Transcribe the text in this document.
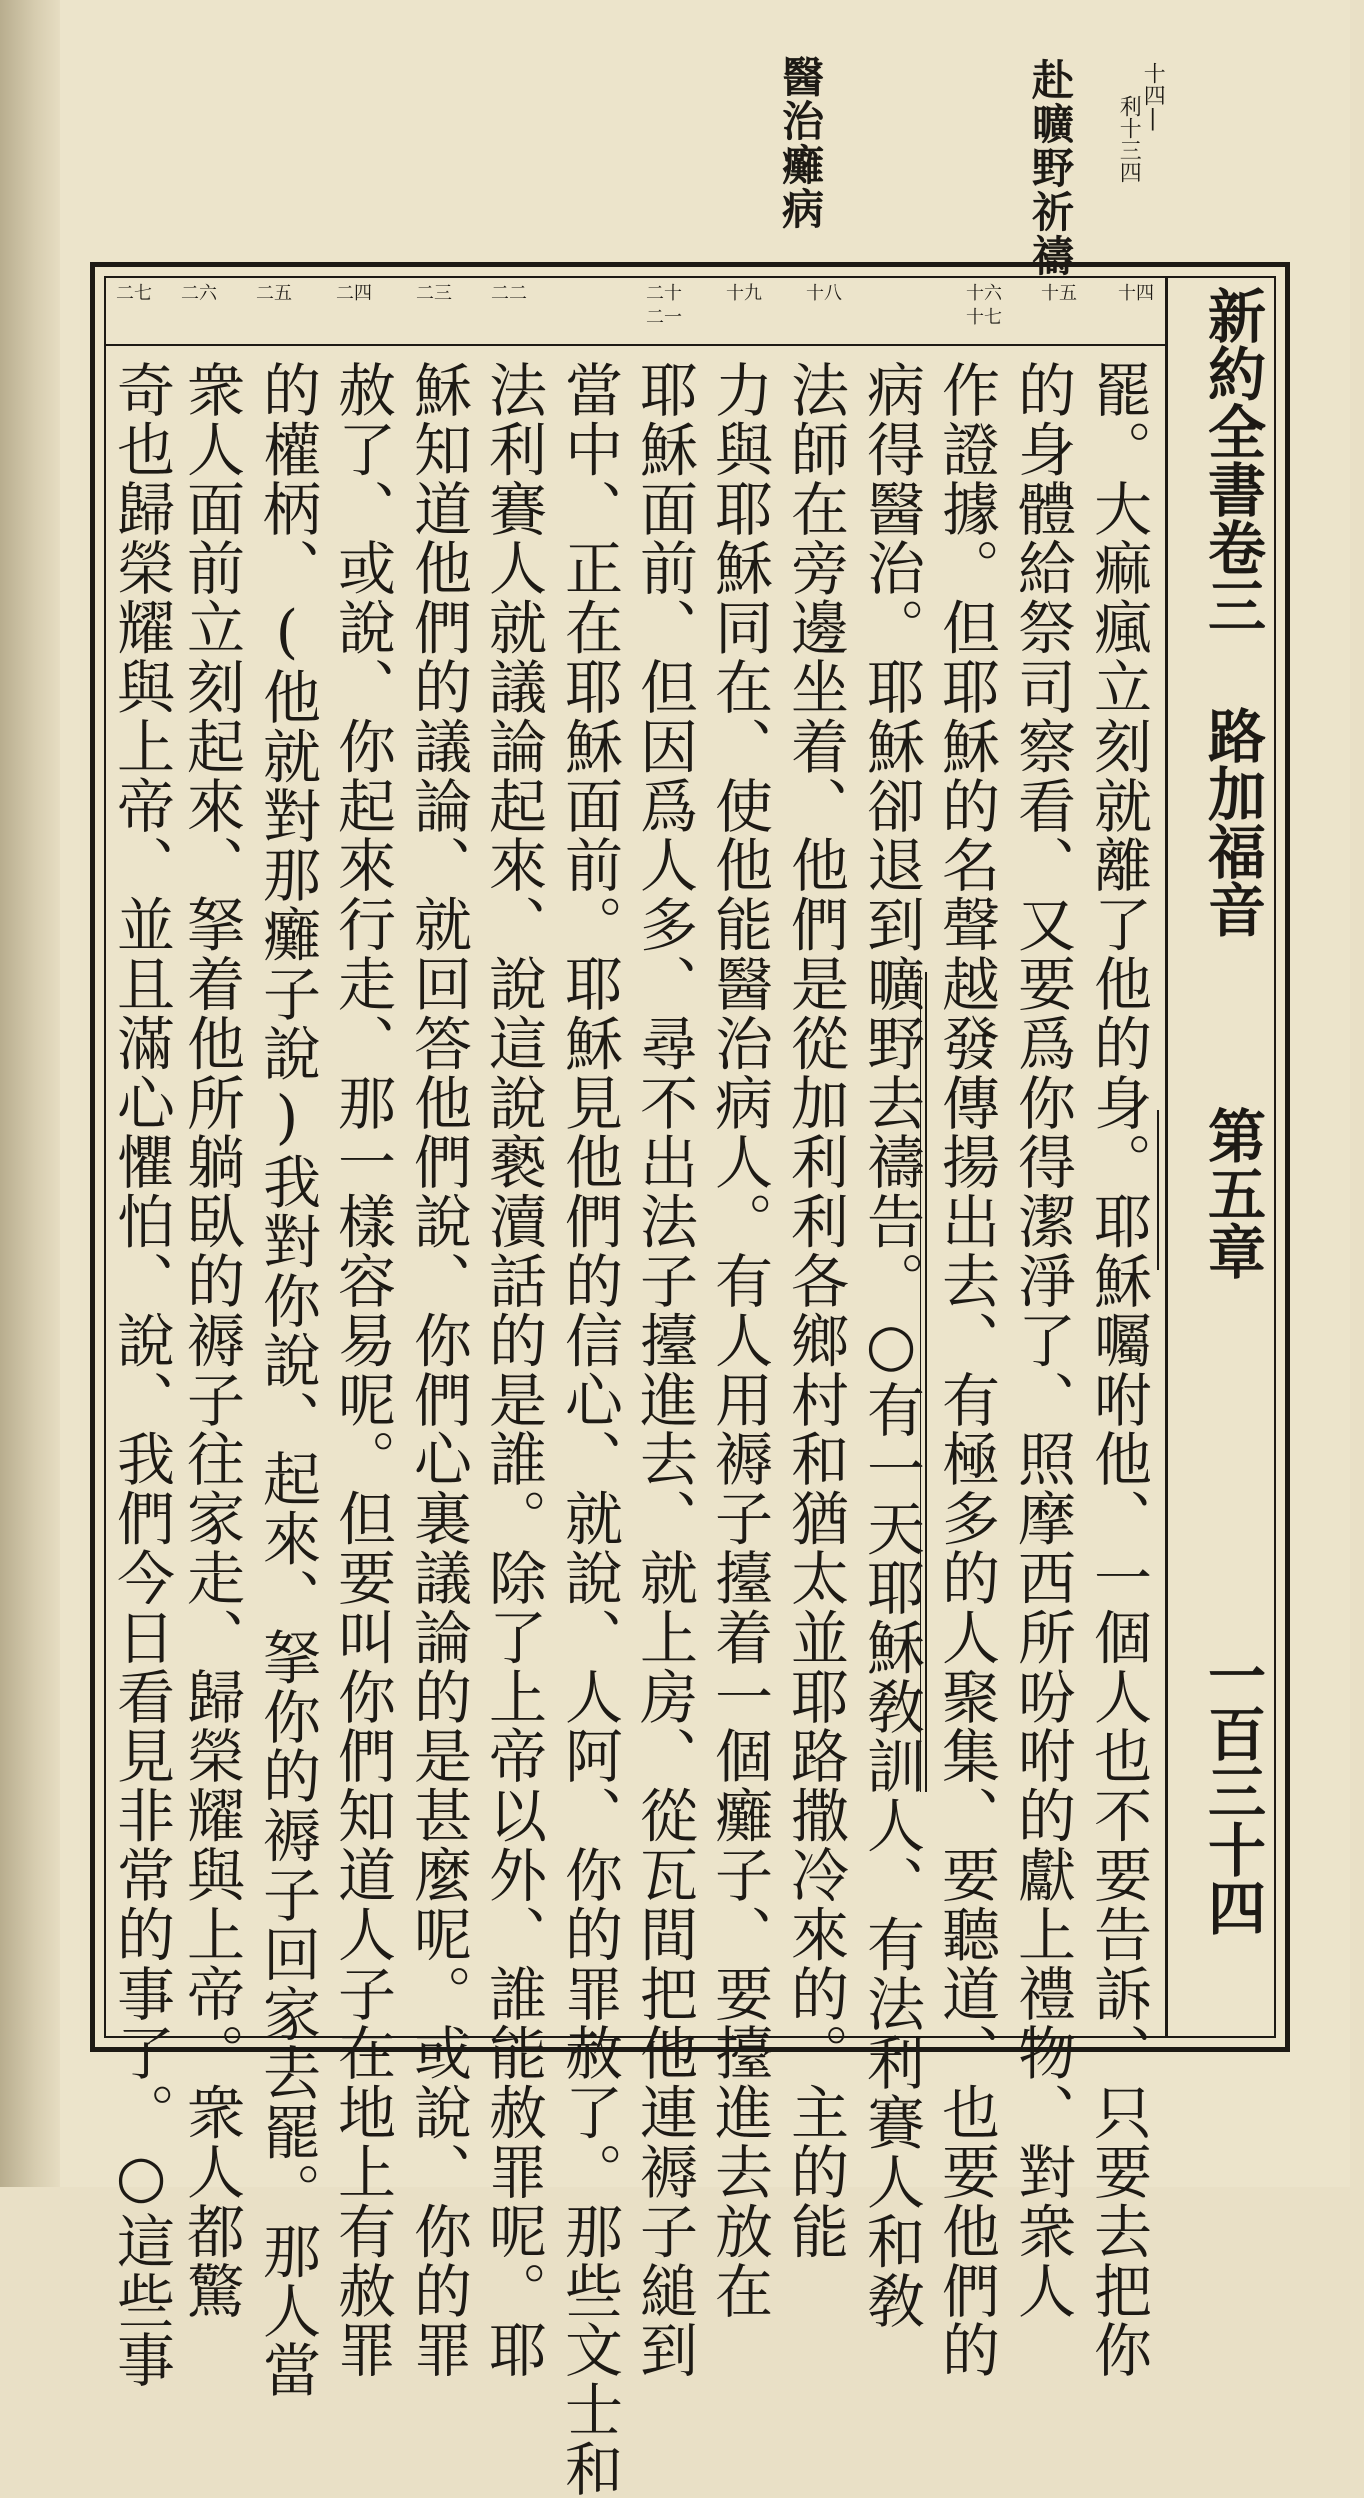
利十三四 十四|
赴曠野祈禱
醫治癱病
新約全書卷三
路加福音
第五章
一百三十四
十四
十五
十六
十七
十八
十九
二十
二一
二二
二三
二四
二五
二六
二七
罷。大痲瘋立刻就離了他的身。耶穌囑咐他、一個人也不要告訴、只要去把你
的身體給祭司察看、又要爲你得潔淨了、照摩西所吩咐的獻上禮物、對衆人
作證據。但耶穌的名聲越發傳揚出去、有極多的人聚集、要聽道、也要他們的
病得醫治。耶穌卻退到曠野去禱告。○有一天耶穌敎訓人、有法利賽人和敎
法師在旁邊坐着、他們是從加利利各鄉村和猶太並耶路撒冷來的。主的能
力與耶穌同在、使他能醫治病人。有人用褥子擡着一個癱子、要擡進去放在
耶穌面前、但因爲人多、尋不出法子擡進去、就上房、從瓦間把他連褥子縋到
當中、正在耶穌面前。耶穌見他們的信心、就說、人阿、你的罪赦了。那些文士和
法利賽人就議論起來、說這說褻瀆話的是誰。除了上帝以外、誰能赦罪呢。耶
穌知道他們的議論、就回答他們說、你們心裏議論的是甚麼呢。或說、你的罪
赦了、或說、你起來行走、那一樣容易呢。但要叫你們知道人子在地上有赦罪
的權柄、(他就對那癱子說)我對你說、起來、拏你的褥子回家去罷。那人當
衆人面前立刻起來、拏着他所躺臥的褥子往家走、歸榮耀與上帝。衆人都驚
奇也歸榮耀與上帝、並且滿心懼怕、說、我們今日看見非常的事了。○這些事
